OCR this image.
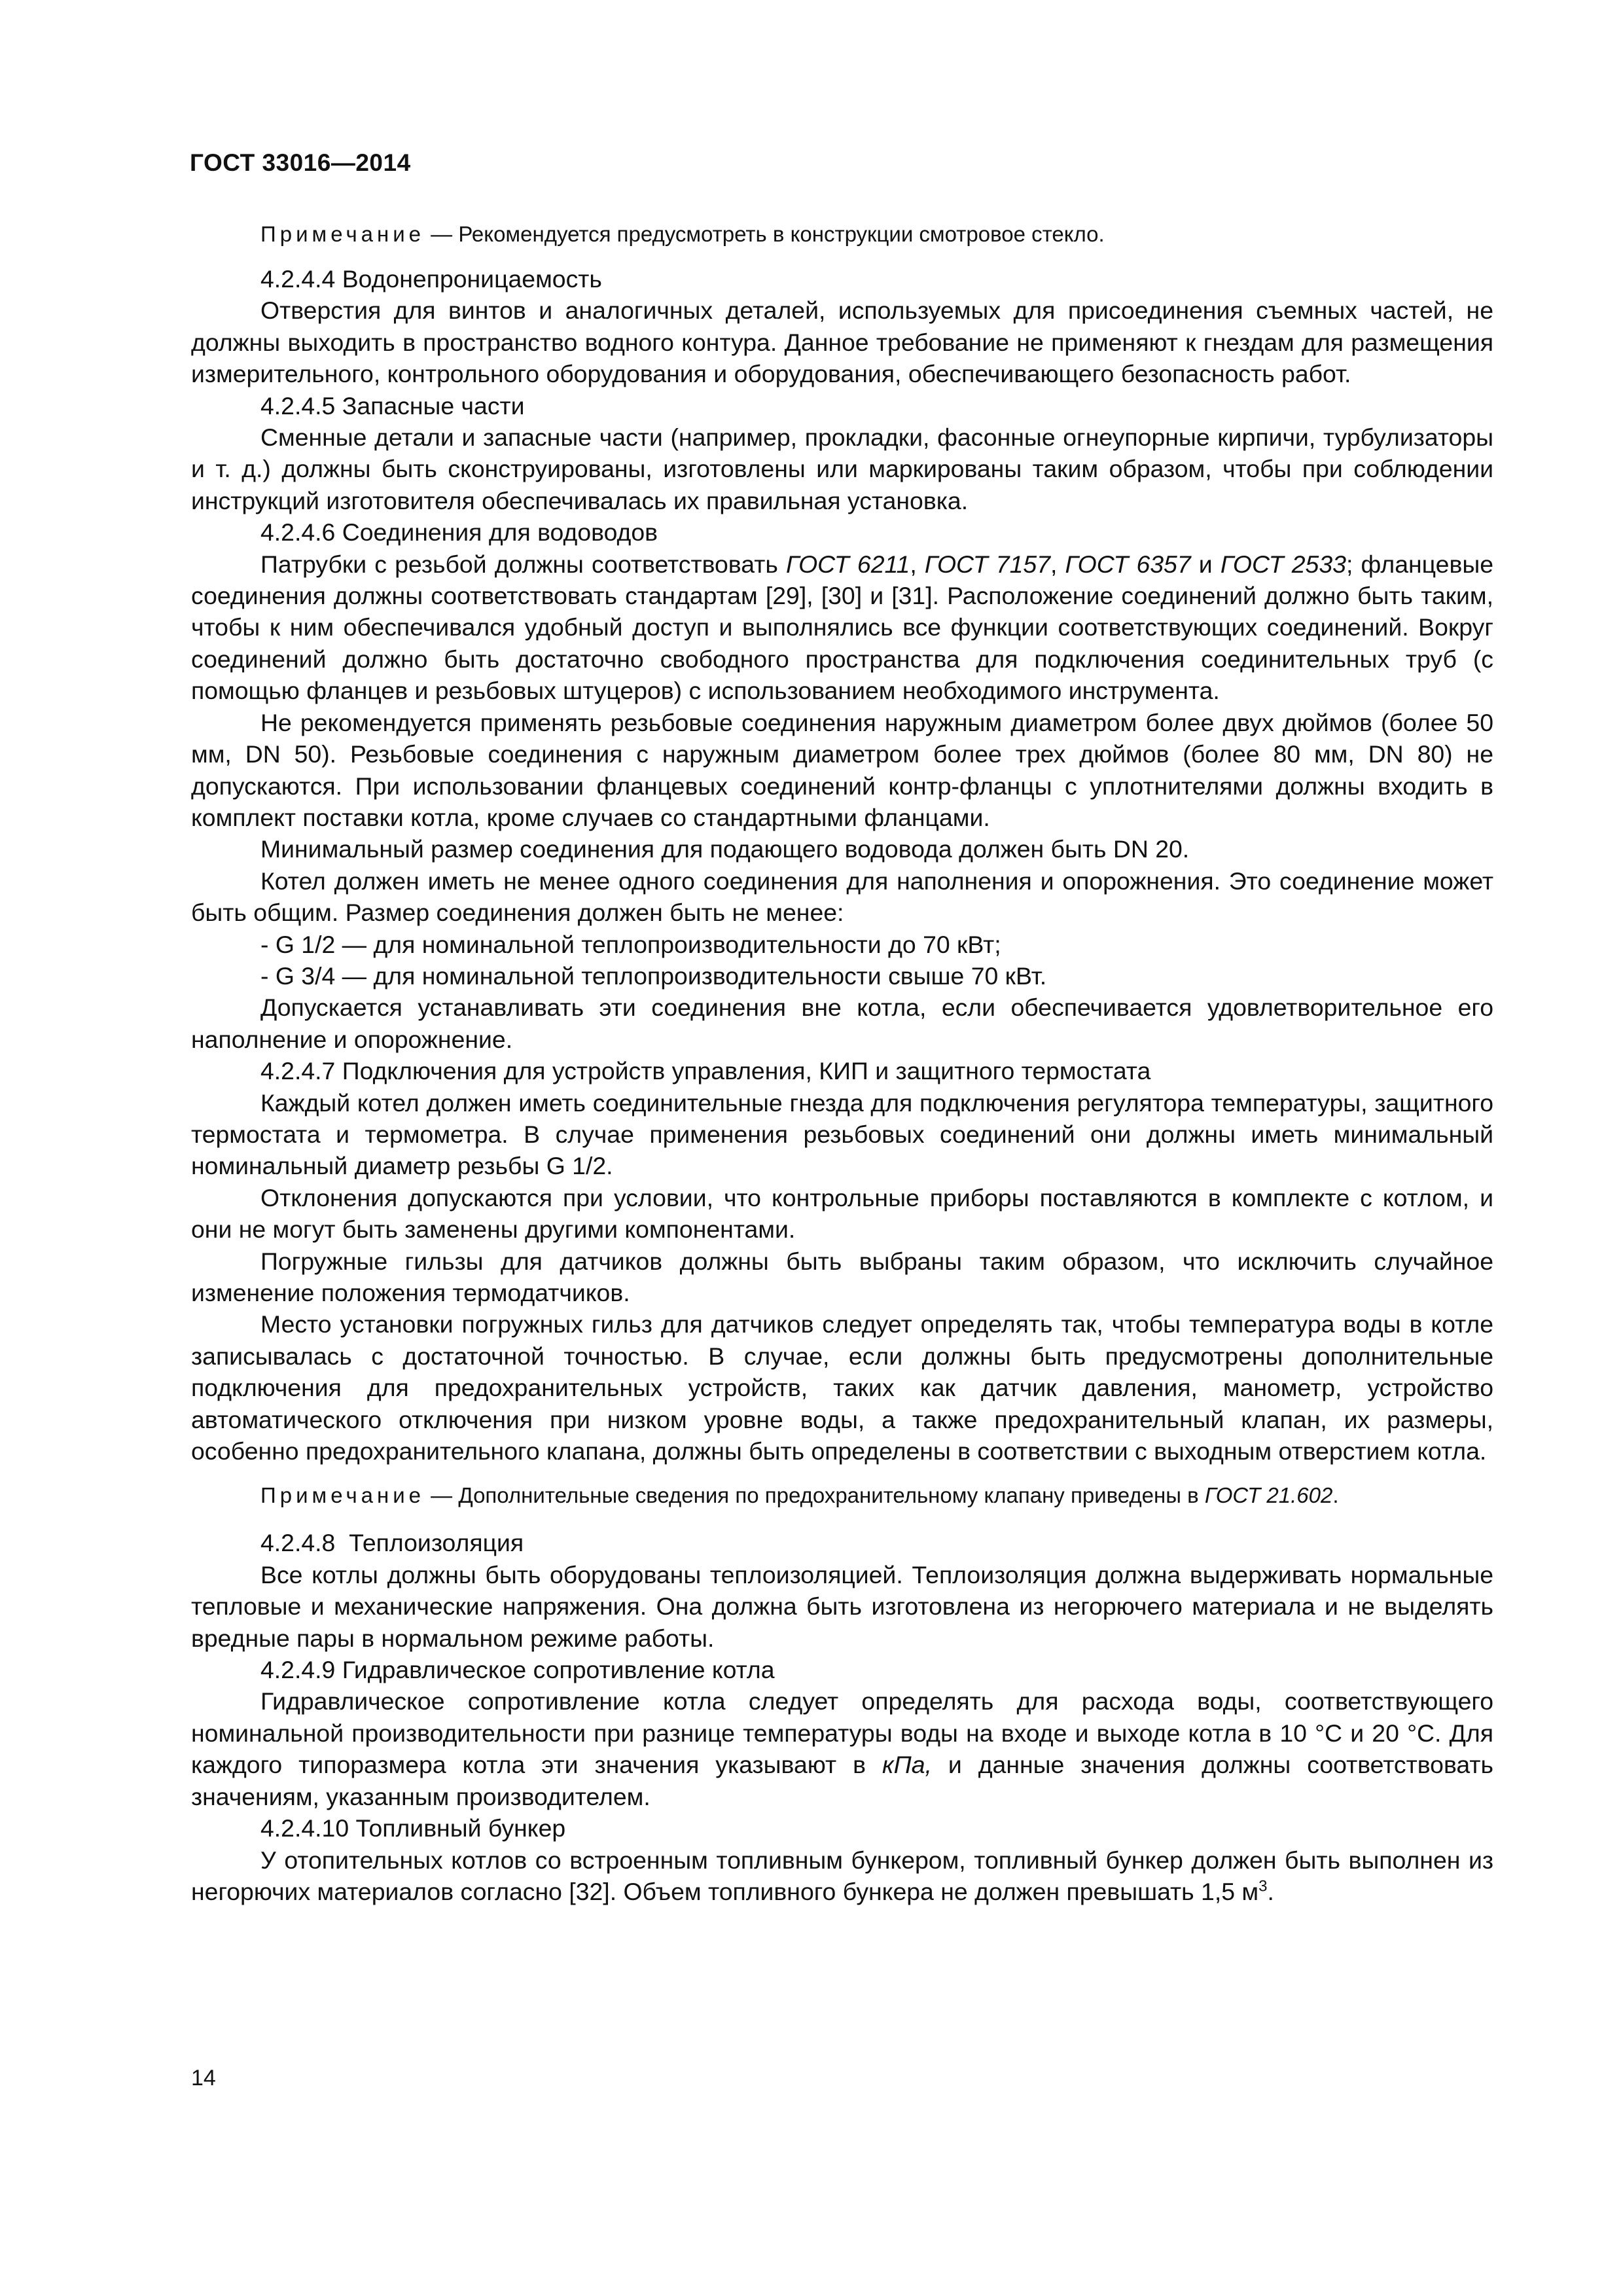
ГОСТ 33016—2014

Примечание — Рекомендуется предусмотреть в конструкции смотровое стекло.

4.2.4.4 Водонепроницаемость

Отверстия для винтов и аналогичных деталей, используемых для присоединения съемных частей, не должны выходить в пространство водного контура. Данное требование не применяют к гнездам для размещения измерительного, контрольного оборудования и оборудования, обеспечивающего безопасность работ.

4.2.4.5 Запасные части

Сменные детали и запасные части (например, прокладки, фасонные огнеупорные кирпичи, турбулизаторы и т. д.) должны быть сконструированы, изготовлены или маркированы таким образом, чтобы при соблюдении инструкций изготовителя обеспечивалась их правильная установка.

4.2.4.6 Соединения для водоводов

Патрубки с резьбой должны соответствовать ГОСТ 6211, ГОСТ 7157, ГОСТ 6357 и ГОСТ 2533; фланцевые соединения должны соответствовать стандартам [29], [30] и [31]. Расположение соединений должно быть таким, чтобы к ним обеспечивался удобный доступ и выполнялись все функции соответствующих соединений. Вокруг соединений должно быть достаточно свободного пространства для подключения соединительных труб (с помощью фланцев и резьбовых штуцеров) с использованием необходимого инструмента.

Не рекомендуется применять резьбовые соединения наружным диаметром более двух дюймов (более 50 мм, DN 50). Резьбовые соединения с наружным диаметром более трех дюймов (более 80 мм, DN 80) не допускаются. При использовании фланцевых соединений контр-фланцы с уплотнителями должны входить в комплект поставки котла, кроме случаев со стандартными фланцами.

Минимальный размер соединения для подающего водовода должен быть DN 20.

Котел должен иметь не менее одного соединения для наполнения и опорожнения. Это соединение может быть общим. Размер соединения должен быть не менее:

- G 1/2 — для номинальной теплопроизводительности до 70 кВт;

- G 3/4 — для номинальной теплопроизводительности свыше 70 кВт.

Допускается устанавливать эти соединения вне котла, если обеспечивается удовлетворительное его наполнение и опорожнение.

4.2.4.7 Подключения для устройств управления, КИП и защитного термостата

Каждый котел должен иметь соединительные гнезда для подключения регулятора температуры, защитного термостата и термометра. В случае применения резьбовых соединений они должны иметь минимальный номинальный диаметр резьбы G 1/2.

Отклонения допускаются при условии, что контрольные приборы поставляются в комплекте с котлом, и они не могут быть заменены другими компонентами.

Погружные гильзы для датчиков должны быть выбраны таким образом, что исключить случайное изменение положения термодатчиков.

Место установки погружных гильз для датчиков следует определять так, чтобы температура воды в котле записывалась с достаточной точностью. В случае, если должны быть предусмотрены дополнительные подключения для предохранительных устройств, таких как датчик давления, манометр, устройство автоматического отключения при низком уровне воды, а также предохранительный клапан, их размеры, особенно предохранительного клапана, должны быть определены в соответствии с выходным отверстием котла.

Примечание — Дополнительные сведения по предохранительному клапану приведены в ГОСТ 21.602.

4.2.4.8  Теплоизоляция

Все котлы должны быть оборудованы теплоизоляцией. Теплоизоляция должна выдерживать нормальные тепловые и механические напряжения. Она должна быть изготовлена из негорючего материала и не выделять вредные пары в нормальном режиме работы.

4.2.4.9 Гидравлическое сопротивление котла

Гидравлическое сопротивление котла следует определять для расхода воды, соответствующего номинальной производительности при разнице температуры воды на входе и выходе котла в 10 °С и 20 °С. Для каждого типоразмера котла эти значения указывают в кПа, и данные значения должны соответствовать значениям, указанным производителем.

4.2.4.10 Топливный бункер

У отопительных котлов со встроенным топливным бункером, топливный бункер должен быть выполнен из негорючих материалов согласно [32]. Объем топливного бункера не должен превышать 1,5 $м^3$.

14
